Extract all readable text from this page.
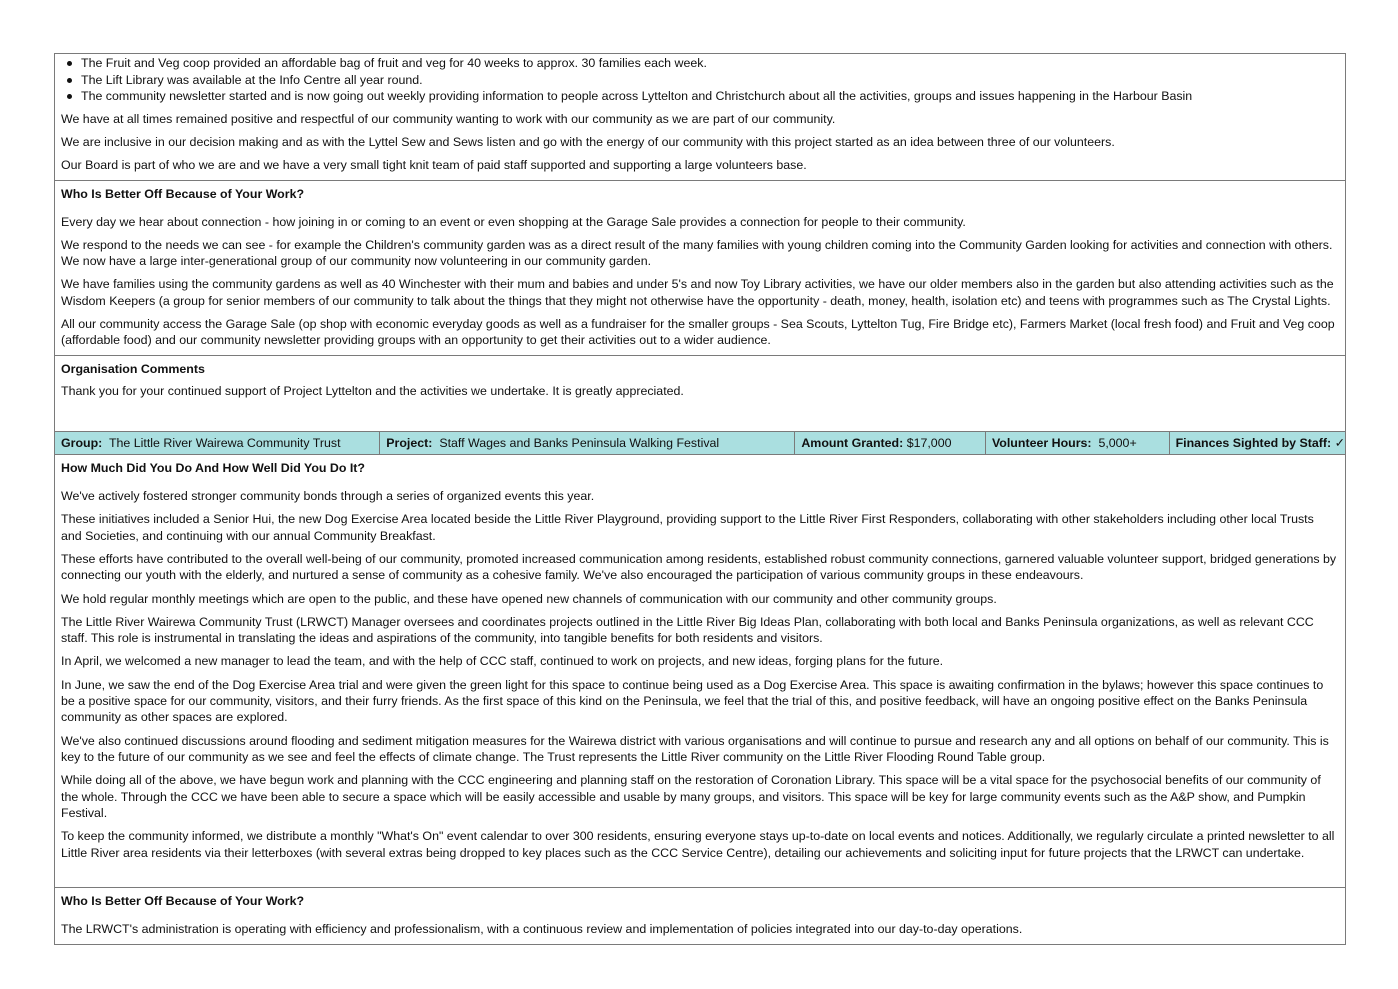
The Fruit and Veg coop provided an affordable bag of fruit and veg for 40 weeks to approx. 30 families each week.
The Lift Library was available at the Info Centre all year round.
The community newsletter started and is now going out weekly providing information to people across Lyttelton and Christchurch about all the activities, groups and issues happening in the Harbour Basin

We have at all times remained positive and respectful of our community wanting to work with our community as we are part of our community.

We are inclusive in our decision making and as with the Lyttel Sew and Sews listen and go with the energy of our community with this project started as an idea between three of our volunteers.

Our Board is part of who we are and we have a very small tight knit team of paid staff supported and supporting a large volunteers base.

Who Is Better Off Because of Your Work?

Every day we hear about connection - how joining in or coming to an event or even shopping at the Garage Sale provides a connection for people to their community.

We respond to the needs we can see - for example the Children's community garden was as a direct result of the many families with young children coming into the Community Garden looking for activities and connection with others. We now have a large inter-generational group of our community now volunteering in our community garden.

We have families using the community gardens as well as 40 Winchester with their mum and babies and under 5's and now Toy Library activities, we have our older members also in the garden but also attending activities such as the Wisdom Keepers (a group for senior members of our community to talk about the things that they might not otherwise have the opportunity - death, money, health, isolation etc) and teens with programmes such as The Crystal Lights.

All our community access the Garage Sale (op shop with economic everyday goods as well as a fundraiser for the smaller groups - Sea Scouts, Lyttelton Tug, Fire Bridge etc), Farmers Market (local fresh food) and Fruit and Veg coop (affordable food) and our community newsletter providing groups with an opportunity to get their activities out to a wider audience.

Organisation Comments

Thank you for your continued support of Project Lyttelton and the activities we undertake. It is greatly appreciated.

Group: The Little River Wairewa Community Trust	Project: Staff Wages and Banks Peninsula Walking Festival	Amount Granted: $17,000	Volunteer Hours: 5,000+	Finances Sighted by Staff: ✓
How Much Did You Do And How Well Did You Do It?

We've actively fostered stronger community bonds through a series of organized events this year.

These initiatives included a Senior Hui, the new Dog Exercise Area located beside the Little River Playground, providing support to the Little River First Responders, collaborating with other stakeholders including other local Trusts and Societies, and continuing with our annual Community Breakfast.

These efforts have contributed to the overall well-being of our community, promoted increased communication among residents, established robust community connections, garnered valuable volunteer support, bridged generations by connecting our youth with the elderly, and nurtured a sense of community as a cohesive family. We've also encouraged the participation of various community groups in these endeavours.

We hold regular monthly meetings which are open to the public, and these have opened new channels of communication with our community and other community groups.

The Little River Wairewa Community Trust (LRWCT) Manager oversees and coordinates projects outlined in the Little River Big Ideas Plan, collaborating with both local and Banks Peninsula organizations, as well as relevant CCC staff. This role is instrumental in translating the ideas and aspirations of the community, into tangible benefits for both residents and visitors.

In April, we welcomed a new manager to lead the team, and with the help of CCC staff, continued to work on projects, and new ideas, forging plans for the future.

In June, we saw the end of the Dog Exercise Area trial and were given the green light for this space to continue being used as a Dog Exercise Area. This space is awaiting confirmation in the bylaws; however this space continues to be a positive space for our community, visitors, and their furry friends. As the first space of this kind on the Peninsula, we feel that the trial of this, and positive feedback, will have an ongoing positive effect on the Banks Peninsula community as other spaces are explored.

We've also continued discussions around flooding and sediment mitigation measures for the Wairewa district with various organisations and will continue to pursue and research any and all options on behalf of our community. This is key to the future of our community as we see and feel the effects of climate change. The Trust represents the Little River community on the Little River Flooding Round Table group.

While doing all of the above, we have begun work and planning with the CCC engineering and planning staff on the restoration of Coronation Library. This space will be a vital space for the psychosocial benefits of our community of the whole. Through the CCC we have been able to secure a space which will be easily accessible and usable by many groups, and visitors. This space will be key for large community events such as the A&P show, and Pumpkin Festival.

To keep the community informed, we distribute a monthly "What's On" event calendar to over 300 residents, ensuring everyone stays up-to-date on local events and notices. Additionally, we regularly circulate a printed newsletter to all Little River area residents via their letterboxes (with several extras being dropped to key places such as the CCC Service Centre), detailing our achievements and soliciting input for future projects that the LRWCT can undertake.

Who Is Better Off Because of Your Work?

The LRWCT's administration is operating with efficiency and professionalism, with a continuous review and implementation of policies integrated into our day-to-day operations.
